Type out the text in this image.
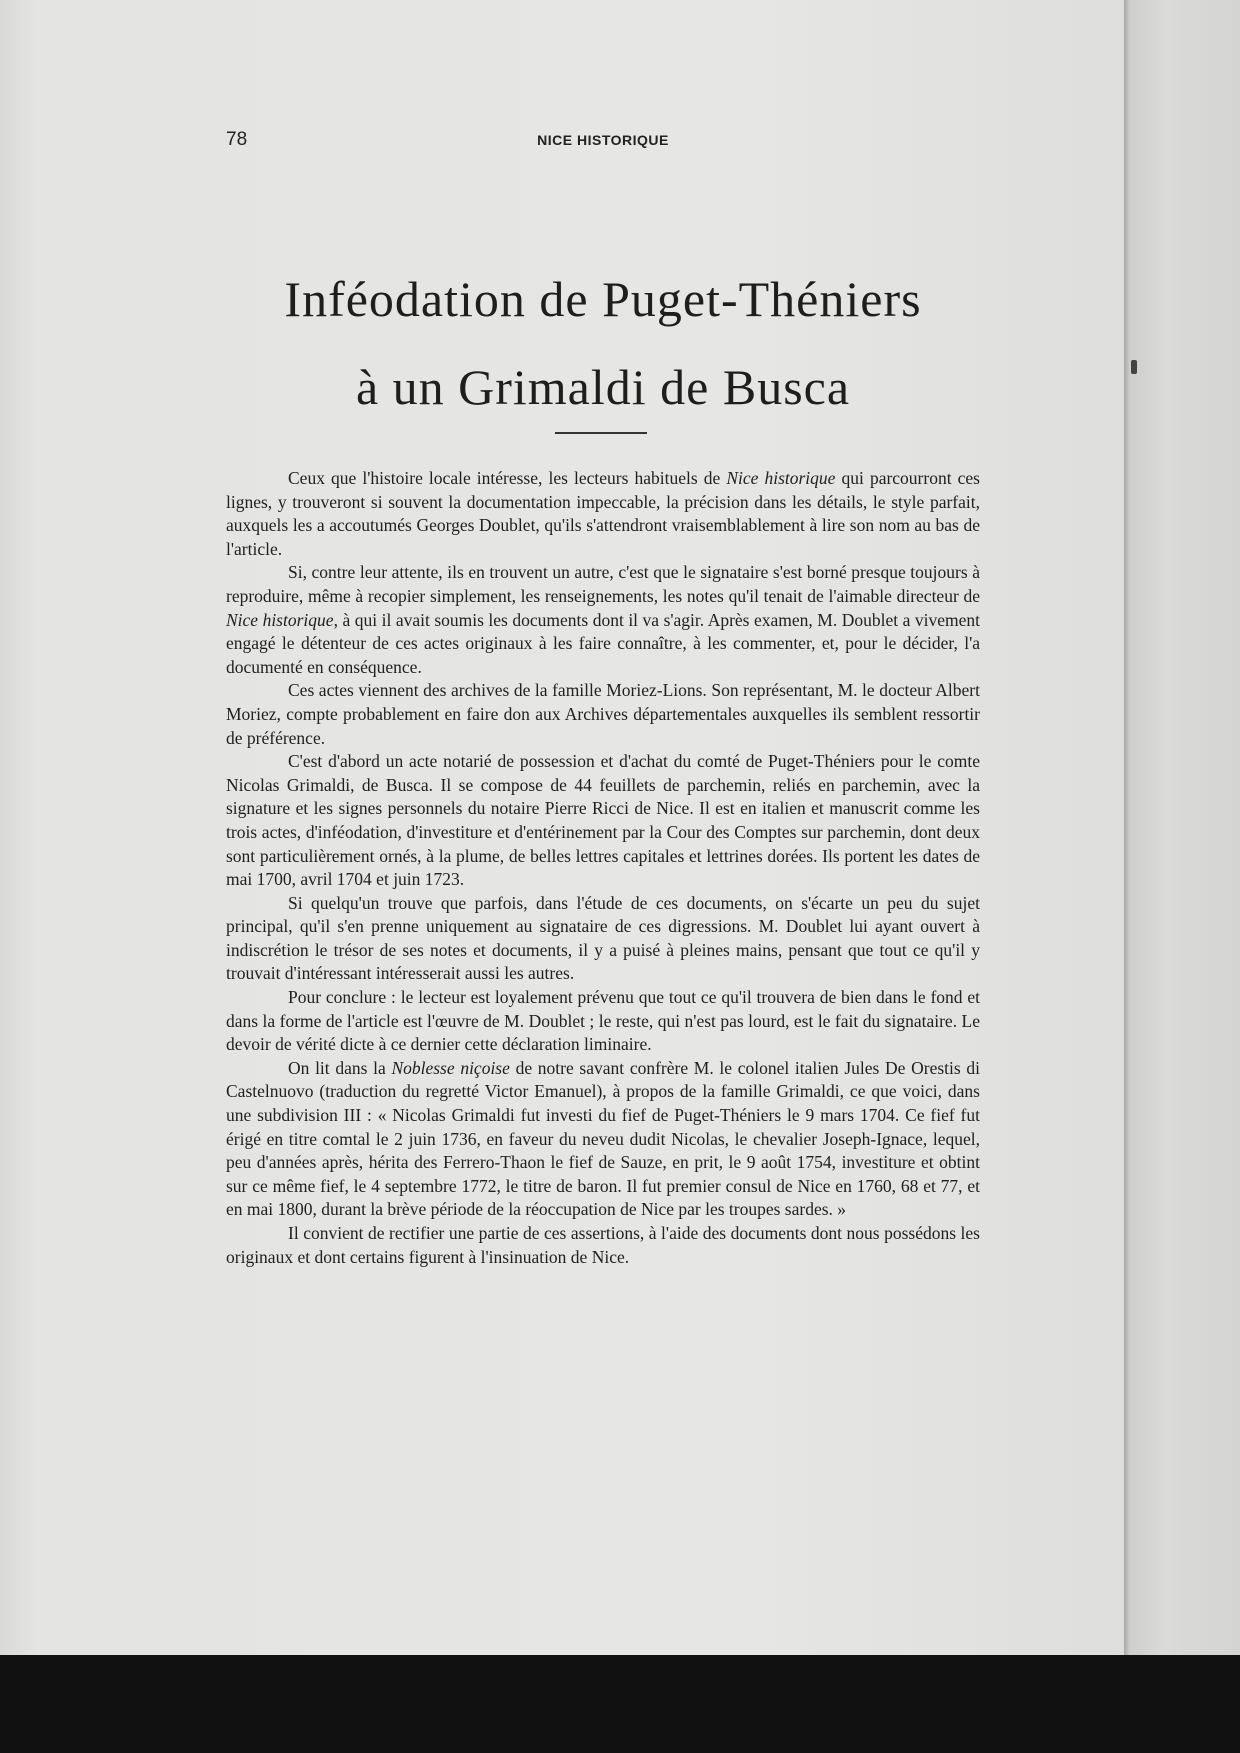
78	NICE HISTORIQUE
Inféodation de Puget-Théniers
à un Grimaldi de Busca

Ceux que l'histoire locale intéresse, les lecteurs habituels de Nice historique qui parcourront ces lignes, y trouveront si souvent la documentation impeccable, la précision dans les détails, le style parfait, auxquels les a accoutumés Georges Doublet, qu'ils s'attendront vraisemblablement à lire son nom au bas de l'article.

Si, contre leur attente, ils en trouvent un autre, c'est que le signataire s'est borné presque toujours à reproduire, même à recopier simplement, les renseignements, les notes qu'il tenait de l'aimable directeur de Nice historique, à qui il avait soumis les documents dont il va s'agir. Après examen, M. Doublet a vivement engagé le détenteur de ces actes originaux à les faire connaître, à les commenter, et, pour le décider, l'a documenté en conséquence.

Ces actes viennent des archives de la famille Moriez-Lions. Son représentant, M. le docteur Albert Moriez, compte probablement en faire don aux Archives départementales auxquelles ils semblent ressortir de préférence.

C'est d'abord un acte notarié de possession et d'achat du comté de Puget-Théniers pour le comte Nicolas Grimaldi, de Busca. Il se compose de 44 feuillets de parchemin, reliés en parchemin, avec la signature et les signes personnels du notaire Pierre Ricci de Nice. Il est en italien et manuscrit comme les trois actes, d'inféodation, d'investiture et d'entérinement par la Cour des Comptes sur parchemin, dont deux sont particulièrement ornés, à la plume, de belles lettres capitales et lettrines dorées. Ils portent les dates de mai 1700, avril 1704 et juin 1723.

Si quelqu'un trouve que parfois, dans l'étude de ces documents, on s'écarte un peu du sujet principal, qu'il s'en prenne uniquement au signataire de ces digressions. M. Doublet lui ayant ouvert à indiscrétion le trésor de ses notes et documents, il y a puisé à pleines mains, pensant que tout ce qu'il y trouvait d'intéressant intéresserait aussi les autres.

Pour conclure : le lecteur est loyalement prévenu que tout ce qu'il trouvera de bien dans le fond et dans la forme de l'article est l'œuvre de M. Doublet ; le reste, qui n'est pas lourd, est le fait du signataire. Le devoir de vérité dicte à ce dernier cette déclaration liminaire.

On lit dans la Noblesse niçoise de notre savant confrère M. le colonel italien Jules De Orestis di Castelnuovo (traduction du regretté Victor Emanuel), à propos de la famille Grimaldi, ce que voici, dans une subdivision III : « Nicolas Grimaldi fut investi du fief de Puget-Théniers le 9 mars 1704. Ce fief fut érigé en titre comtal le 2 juin 1736, en faveur du neveu dudit Nicolas, le chevalier Joseph-Ignace, lequel, peu d'années après, hérita des Ferrero-Thaon le fief de Sauze, en prit, le 9 août 1754, investiture et obtint sur ce même fief, le 4 septembre 1772, le titre de baron. Il fut premier consul de Nice en 1760, 68 et 77, et en mai 1800, durant la brève période de la réoccupation de Nice par les troupes sardes. »

Il convient de rectifier une partie de ces assertions, à l'aide des documents dont nous possédons les originaux et dont certains figurent à l'insinuation de Nice.
